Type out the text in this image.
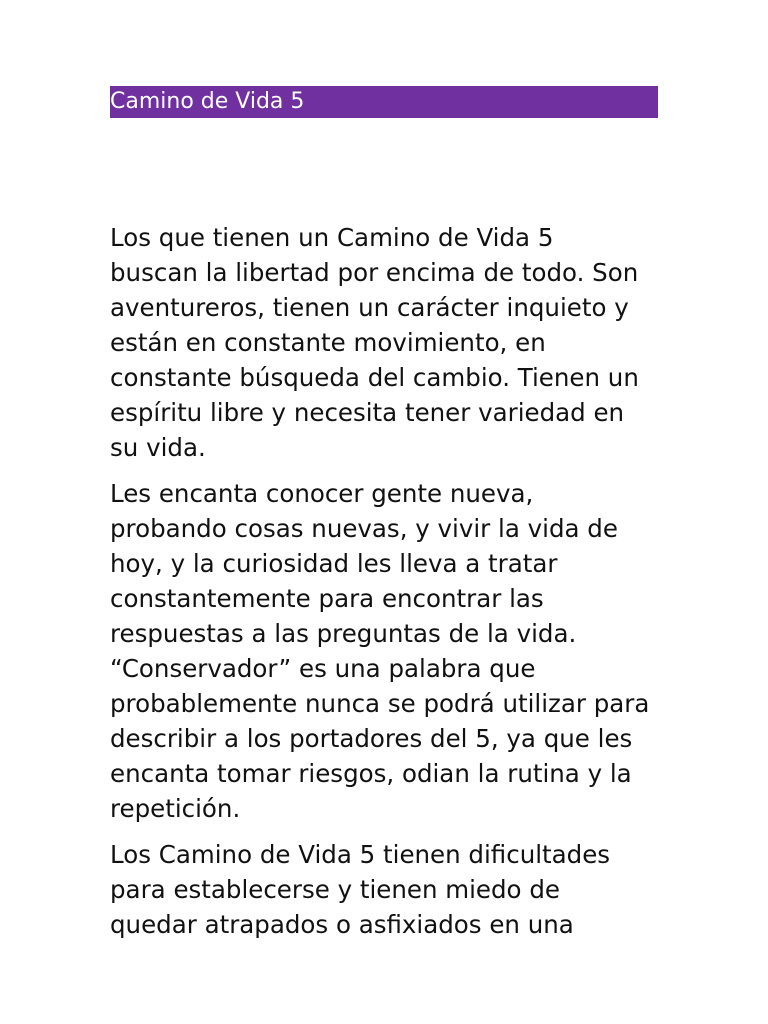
Camino de Vida 5

Los que tienen un Camino de Vida 5
buscan la libertad por encima de todo. Son
aventureros, tienen un carácter inquieto y
están en constante movimiento, en
constante búsqueda del cambio. Tienen un
espíritu libre y necesita tener variedad en
su vida.

Les encanta conocer gente nueva,
probando cosas nuevas, y vivir la vida de
hoy, y la curiosidad les lleva a tratar
constantemente para encontrar las
respuestas a las preguntas de la vida.
“Conservador” es una palabra que
probablemente nunca se podrá utilizar para
describir a los portadores del 5, ya que les
encanta tomar riesgos, odian la rutina y la
repetición.

Los Camino de Vida 5 tienen dificultades
para establecerse y tienen miedo de
quedar atrapados o asfixiados en una
